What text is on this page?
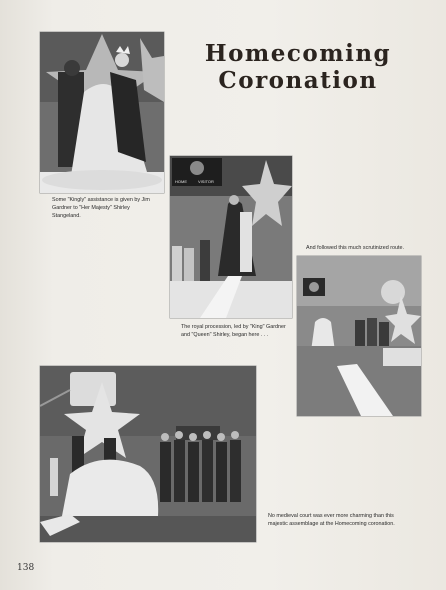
Homecoming
Coronation
Some "Kingly" assistance is given by Jim Gardner to "Her Majesty" Shirley Stangeland.
HOME	VISITOR
The royal procession, led by "King" Gardner and "Queen" Shirley, began here . . .
And followed this much scrutinized route.
No medieval court was ever more charming than this majestic assemblage at the Homecoming coronation.
138
